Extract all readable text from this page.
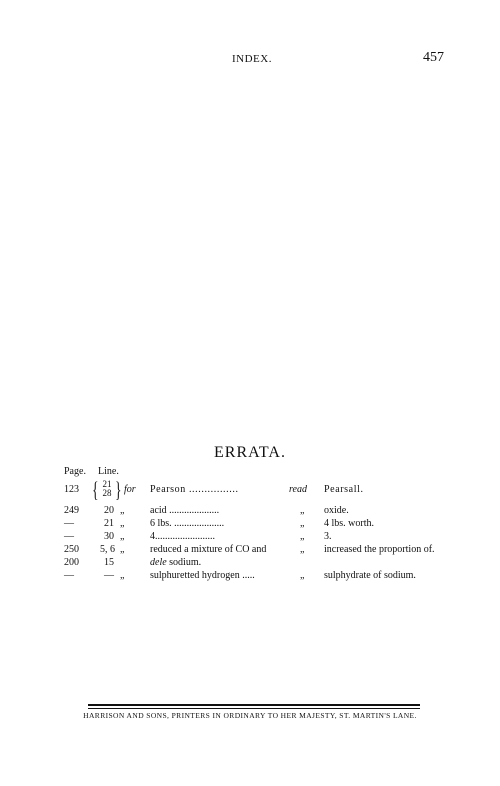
INDEX.	457
ERRATA.
Page. Line.
123 { 21
28 } for Pearson ................	read Pearsall.
249	20 „	acid ....................	„ oxide.
—	21 „	6 lbs. ....................	„ 4 lbs. worth.
—	30 „	4........................	„ 3.
250	5, 6 „	reduced a mixture of CO and	„ increased the proportion of.
200	15	dele sodium.
—	— „	sulphuretted hydrogen .....	„ sulphydrate of sodium.
HARRISON AND SONS, PRINTERS IN ORDINARY TO HER MAJESTY, ST. MARTIN'S LANE.
